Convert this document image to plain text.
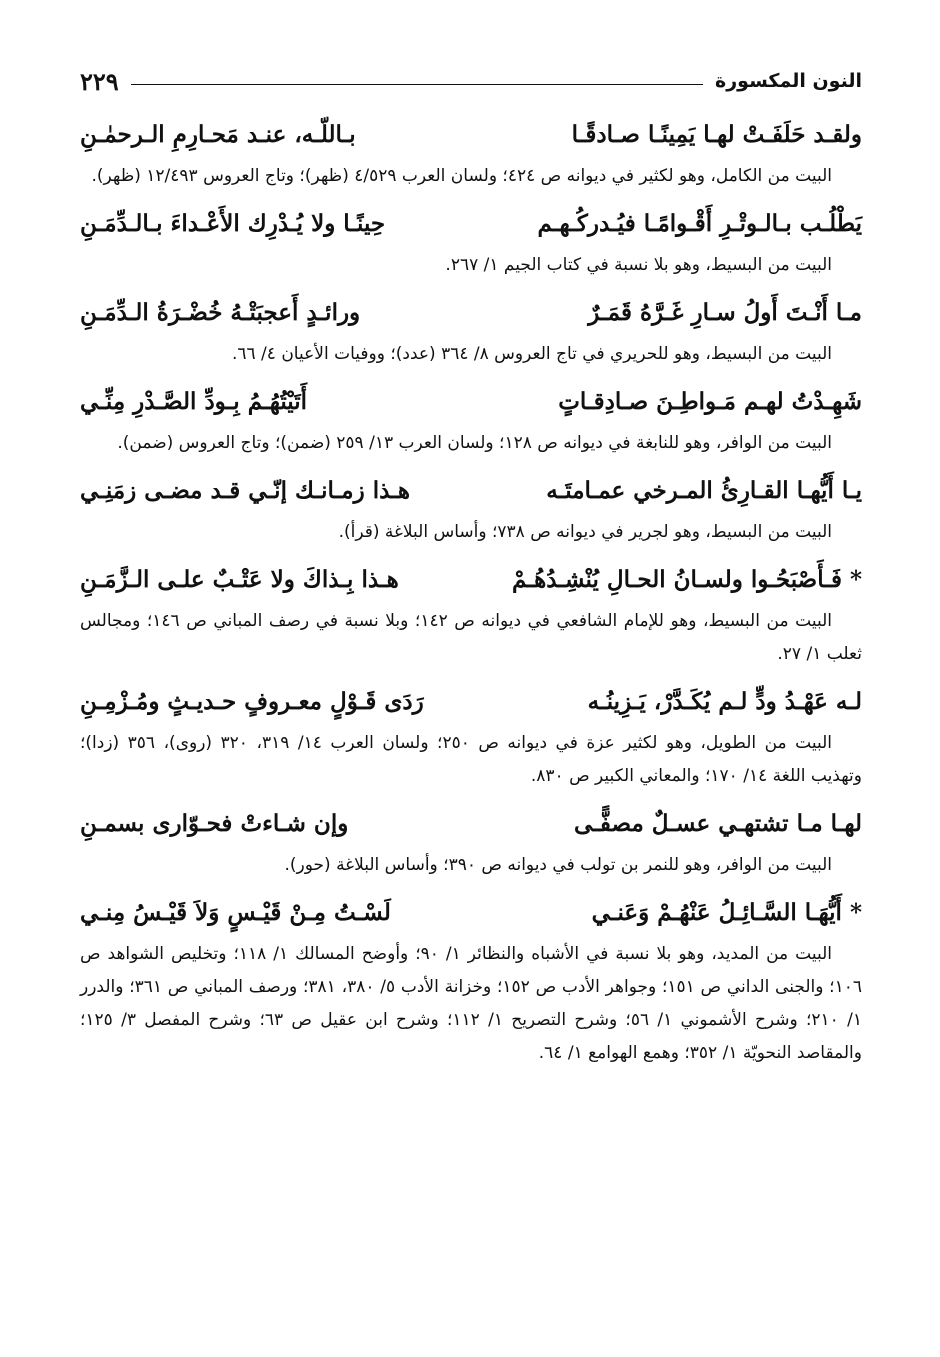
النون المكسورة
٢٢٩
ولقـد حَلَفَـتْ لهـا يَمِينًـا صـادقًـا
بـاللّـه، عنـد مَحـارِمِ الـرحمٰـنِ

البيت من الكامل، وهو لكثير في ديوانه ص ٤٢٤؛ ولسان العرب ٤/٥٢٩ (ظهر)؛ وتاج العروس ١٢/٤٩٣ (ظهر).

يَطْلُـب بـالـوتْـرِ أَقْـوامًـا فيُـدركُـهـم
حِينًـا ولا يُـدْرِك الأَعْـداءَ بـالـدِّمَـنِ

البيت من البسيط، وهو بلا نسبة في كتاب الجيم ١/ ٢٦٧.

مـا أَنْـتَ أَولُ سـارِ غَـرَّهُ قَمَـرٌ
ورائـدٍ أَعجبَتْـهُ خُضْـرَةُ الـدِّمَـنِ

البيت من البسيط، وهو للحريري في تاج العروس ٨/ ٣٦٤ (عدد)؛ ووفيات الأعيان ٤/ ٦٦.

شَهِـدْتُ لهـم مَـواطِـنَ صـادِقـاتٍ
أَتَيْتُهُـمُ بِـودِّ الصَّـدْرِ مِنِّـي

البيت من الوافر، وهو للنابغة في ديوانه ص ١٢٨؛ ولسان العرب ١٣/ ٢٥٩ (ضمن)؛ وتاج العروس (ضمن).

يـا أَيُّهـا القـارِئُ المـرخي عمـامتَـه
هـذا زمـانـك إنّـي قـد مضـى زمَنِـي

البيت من البسيط، وهو لجرير في ديوانه ص ٧٣٨؛ وأساس البلاغة (قرأ).

* فَـأَصْبَحُـوا ولسـانُ الحـالِ يُنْشِـدُهُـمْ
هـذا بِـذاكَ ولا عَتْـبٌ علـى الـزَّمَـنِ

البيت من البسيط، وهو للإمام الشافعي في ديوانه ص ١٤٢؛ وبلا نسبة في رصف المباني ص ١٤٦؛ ومجالس ثعلب ١/ ٢٧.

لـه عَهْـدُ ودٍّ لـم يُكَـدَّرْ، يَـزِينُـه
رَدَى قَـوْلٍ معـروفٍ حـديـثٍ ومُـزْمِـنِ

البيت من الطويل، وهو لكثير عزة في ديوانه ص ٢٥٠؛ ولسان العرب ١٤/ ٣١٩، ٣٢٠ (روى)، ٣٥٦ (زدا)؛ وتهذيب اللغة ١٤/ ١٧٠؛ والمعاني الكبير ص ٨٣٠.

لهـا مـا تشتهـي عسـلٌ مصفًّـى
وإن شـاءتْ فحـوّارى بسمـنِ

البيت من الوافر، وهو للنمر بن تولب في ديوانه ص ٣٩٠؛ وأساس البلاغة (حور).

* أَيُّهَـا السَّـائِـلُ عَنْهُـمْ وَعَنـي
لَسْـتُ مِـنْ قَيْـسٍ وَلاَ قَيْـسُ مِنـي

البيت من المديد، وهو بلا نسبة في الأشباه والنظائر ١/ ٩٠؛ وأوضح المسالك ١/ ١١٨؛ وتخليص الشواهد ص ١٠٦؛ والجنى الداني ص ١٥١؛ وجواهر الأدب ص ١٥٢؛ وخزانة الأدب ٥/ ٣٨٠، ٣٨١؛ ورصف المباني ص ٣٦١؛ والدرر ١/ ٢١٠؛ وشرح الأشموني ١/ ٥٦؛ وشرح التصريح ١/ ١١٢؛ وشرح ابن عقيل ص ٦٣؛ وشرح المفصل ٣/ ١٢٥؛ والمقاصد النحويّة ١/ ٣٥٢؛ وهمع الهوامع ١/ ٦٤.
